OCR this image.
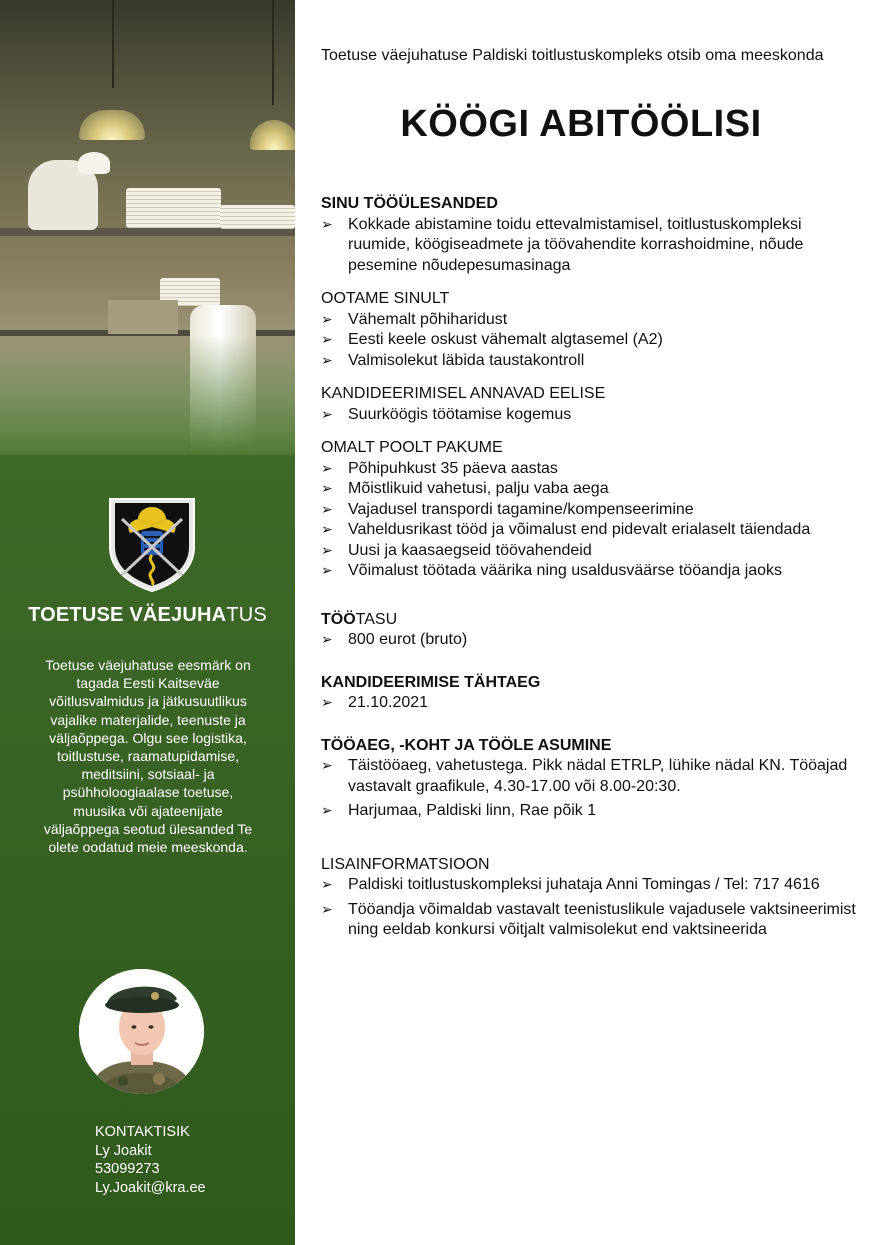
TOETUSE VÄEJUHATUS
Toetuse väejuhatuse eesmärk on tagada Eesti Kaitseväe võitlusvalmidus ja jätkusuutlikus vajalike materjalide, teenuste ja väljaõppega. Olgu see logistika, toitlustuse, raamatupidamise, meditsiini, sotsiaal- ja psühholoogiaalase toetuse, muusika või ajateenijate väljaõppega seotud ülesanded Te olete oodatud meie meeskonda.
KONTAKTISIK
Ly Joakit
53099273
Ly.Joakit@kra.ee
Toetuse väejuhatuse Paldiski toitlustuskompleks otsib oma meeskonda
KÖÖGI ABITÖÖLISI
SINU TÖÖÜLESANDED
➢ Kokkade abistamine toidu ettevalmistamisel, toitlustuskompleksi ruumide, köögiseadmete ja töövahendite korrashoidmine, nõude pesemine nõudepesumasinaga
OOTAME SINULT
➢ Vähemalt põhiharidust
➢ Eesti keele oskust vähemalt algtasemel (A2)
➢ Valmisolekut läbida taustakontroll
KANDIDEERIMISEL ANNAVAD EELISE
➢ Suurköögis töötamise kogemus
OMALT POOLT PAKUME
➢ Põhipuhkust 35 päeva aastas
➢ Mõistlikuid vahetusi, palju vaba aega
➢ Vajadusel transpordi tagamine/kompenseerimine
➢ Vaheldusrikast tööd ja võimalust end pidevalt erialaselt täiendada
➢ Uusi ja kaasaegseid töövahendeid
➢ Võimalust töötada väärika ning usaldusväärse tööandja jaoks
TÖÖTASU
➢ 800 eurot (bruto)
KANDIDEERIMISE TÄHTAEG
➢ 21.10.2021
TÖÖAEG, -KOHT JA TÖÖLE ASUMINE
➢ Täistööaeg, vahetustega. Pikk nädal ETRLP, lühike nädal KN. Tööajad vastavalt graafikule, 4.30-17.00 või 8.00-20:30.
➢ Harjumaa, Paldiski linn, Rae põik 1
LISAINFORMATSIOON
➢ Paldiski toitlustuskompleksi juhataja Anni Tomingas / Tel: 717 4616
➢ Tööandja võimaldab vastavalt teenistuslikule vajadusele vaktsineerimist ning eeldab konkursi võitjalt valmisolekut end vaktsineerida
